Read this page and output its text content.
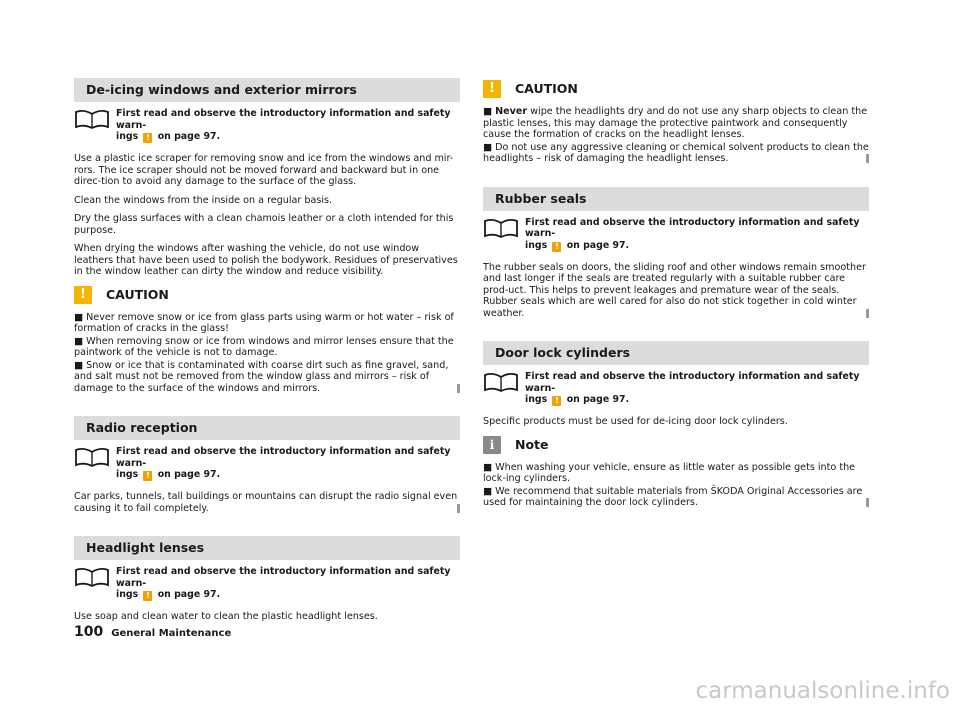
De-icing windows and exterior mirrors
First read and observe the introductory information and safety warn-
ings ! on page 97.

Use a plastic ice scraper for removing snow and ice from the windows and mir-rors. The ice scraper should not be moved forward and backward but in one direc-tion to avoid any damage to the surface of the glass.

Clean the windows from the inside on a regular basis.

Dry the glass surfaces with a clean chamois leather or a cloth intended for this purpose.

When drying the windows after washing the vehicle, do not use window leathers that have been used to polish the bodywork. Residues of preservatives in the window leather can dirty the window and reduce visibility.

!	CAUTION
■ Never remove snow or ice from glass parts using warm or hot water – risk of formation of cracks in the glass!
■ When removing snow or ice from windows and mirror lenses ensure that the paintwork of the vehicle is not to damage.
■ Snow or ice that is contaminated with coarse dirt such as fine gravel, sand, and salt must not be removed from the window glass and mirrors – risk of damage to the surface of the windows and mirrors.
Radio reception
First read and observe the introductory information and safety warn-
ings ! on page 97.

Car parks, tunnels, tall buildings or mountains can disrupt the radio signal even causing it to fail completely.

Headlight lenses
First read and observe the introductory information and safety warn-
ings ! on page 97.

Use soap and clean water to clean the plastic headlight lenses.

!	CAUTION
■ Never wipe the headlights dry and do not use any sharp objects to clean the plastic lenses, this may damage the protective paintwork and consequently cause the formation of cracks on the headlight lenses.
■ Do not use any aggressive cleaning or chemical solvent products to clean the headlights – risk of damaging the headlight lenses.
Rubber seals
First read and observe the introductory information and safety warn-
ings ! on page 97.

The rubber seals on doors, the sliding roof and other windows remain smoother and last longer if the seals are treated regularly with a suitable rubber care prod-uct. This helps to prevent leakages and premature wear of the seals. Rubber seals which are well cared for also do not stick together in cold winter weather.

Door lock cylinders
First read and observe the introductory information and safety warn-
ings ! on page 97.

Specific products must be used for de-icing door lock cylinders.

i	Note
■ When washing your vehicle, ensure as little water as possible gets into the lock-ing cylinders.
■ We recommend that suitable materials from ŠKODA Original Accessories are used for maintaining the door lock cylinders.
100 General Maintenance
carmanualsonline.info
